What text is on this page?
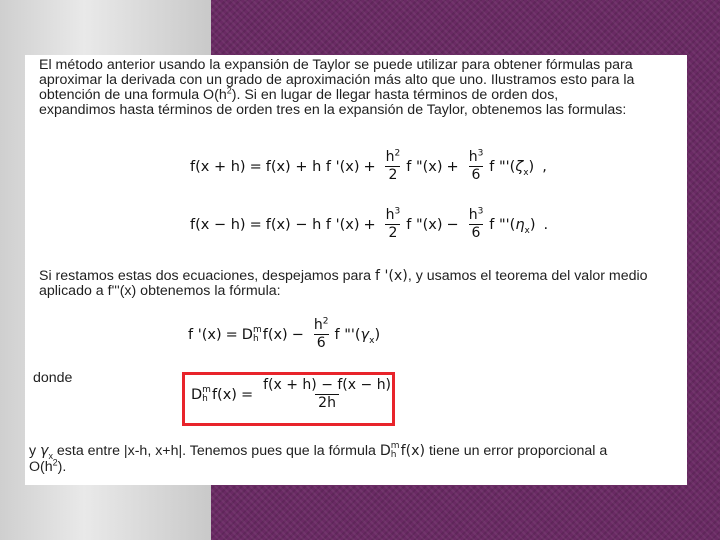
El método anterior usando la expansión de Taylor se puede utilizar para obtener fórmulas para
aproximar la derivada con un grado de aproximación más alto que uno. Ilustramos esto para la
obtención de una formula $O(h^2)$. Si en lugar de llegar hasta términos de orden dos,
expandimos hasta términos de orden tres en la expansión de Taylor, obtenemos las formulas:
f(x + h) = f(x) + h f '$(x) + \frac{h^2}{2}$ f "$(x) + \frac{h^3}{6}$ f "'$(\zeta_x)$ ,
f(x − h) = f(x) − h f '$(x) + \frac{h^3}{2}$ f "$(x) - \frac{h^3}{6}$ f "'$(\eta_x)$ .
Si restamos estas dos ecuaciones, despejamos para f '(x), y usamos el teorema del valor medio
aplicado a f'''(x) obtenemos la fórmula:
f '(x) = D m
h $f(x) - \frac{h^2}{6}$ f "'$(\gamma_x)$
donde
D m
h $f(x) = \frac{f(x + h) - f(x - h)}{2h}$
y $\gamma_x$ esta entre |x-h, x+h|. Tenemos pues que la fórmula D m
h f(x) tiene un error proporcional a
$O(h^2)$.
